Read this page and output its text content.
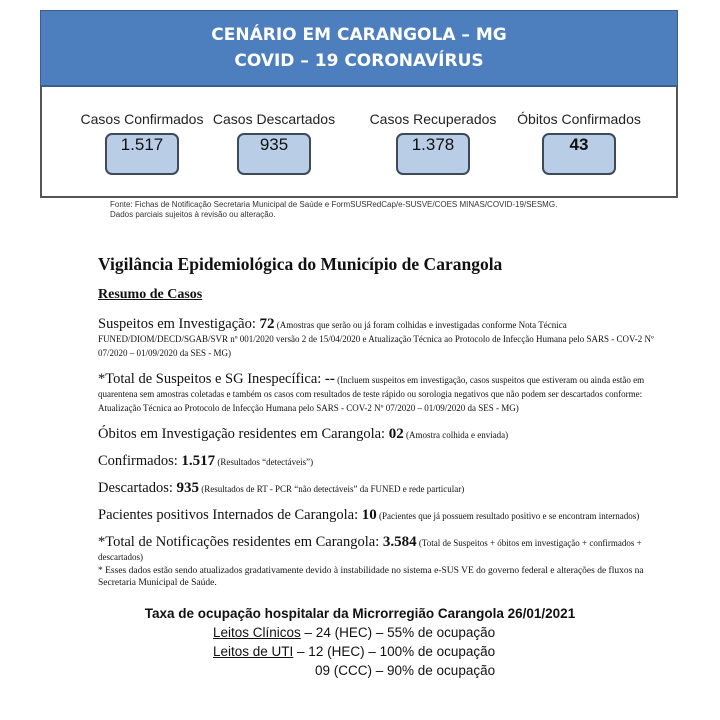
CENÁRIO EM CARANGOLA – MG
COVID – 19 CORONAVÍRUS
Casos Confirmados
1.517
Casos Descartados
935
Casos Recuperados
1.378
Óbitos Confirmados
43
Fonte: Fichas de Notificação Secretaria Municipal de Saúde e FormSUSRedCap/e-SUSVE/COES MINAS/COVID-19/SESMG.
Dados parciais sujeitos à revisão ou alteração.
Vigilância Epidemiológica do Município de Carangola
Resumo de Casos
Suspeitos em Investigação: 72 (Amostras que serão ou já foram colhidas e investigadas conforme Nota Técnica FUNED/DIOM/DECD/SGAB/SVR nº 001/2020 versão 2 de 15/04/2020 e Atualização Técnica ao Protocolo de Infecção Humana pelo SARS - COV-2 Nº 07/2020 – 01/09/2020 da SES - MG)
*Total de Suspeitos e SG Inespecífica: -- (Incluem suspeitos em investigação, casos suspeitos que estiveram ou ainda estão em quarentena sem amostras coletadas e também os casos com resultados de teste rápido ou sorologia negativos que não podem ser descartados conforme: Atualização Técnica ao Protocolo de Infecção Humana pelo SARS - COV-2 Nº 07/2020 – 01/09/2020 da SES - MG)
Óbitos em Investigação residentes em Carangola: 02 (Amostra colhida e enviada)
Confirmados: 1.517 (Resultados “detectáveis”)
Descartados: 935 (Resultados de RT - PCR “não detectáveis” da FUNED e rede particular)
Pacientes positivos Internados de Carangola: 10 (Pacientes que já possuem resultado positivo e se encontram internados)
*Total de Notificações residentes em Carangola: 3.584 (Total de Suspeitos + óbitos em investigação + confirmados + descartados)
* Esses dados estão sendo atualizados gradativamente devido à instabilidade no sistema e-SUS VE do governo federal e alterações de fluxos na Secretaria Municipal de Saúde.
Taxa de ocupação hospitalar da Microrregião Carangola 26/01/2021
Leitos Clínicos – 24 (HEC) – 55% de ocupação
Leitos de UTI – 12 (HEC) – 100% de ocupação
09 (CCC) – 90% de ocupação
